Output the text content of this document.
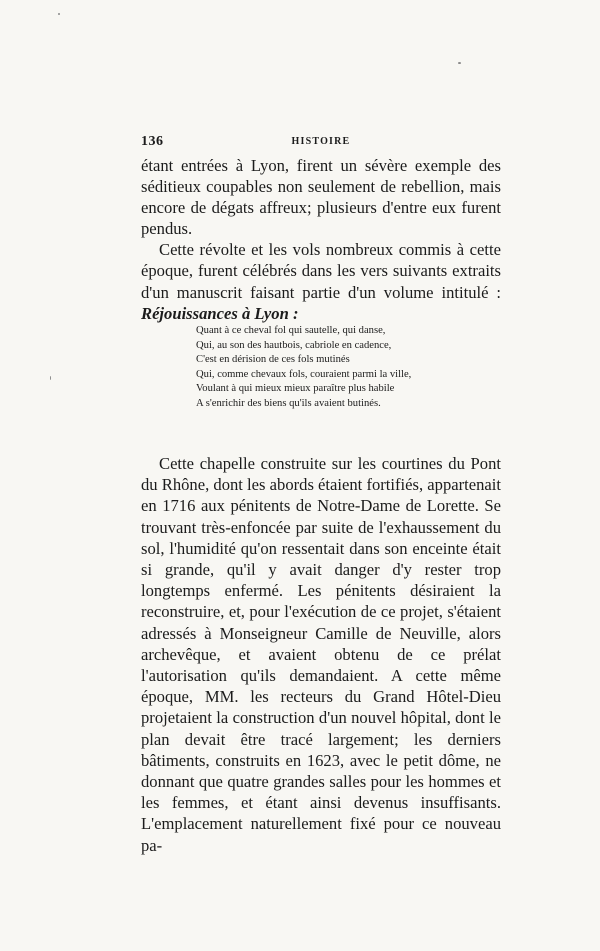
136	HISTOIRE

étant entrées à Lyon, firent un sévère exemple des séditieux coupables non seulement de rebellion, mais encore de dégats affreux; plusieurs d'entre eux furent pendus.

Cette révolte et les vols nombreux commis à cette époque, furent célébrés dans les vers suivants extraits d'un manuscrit faisant partie d'un volume intitulé : Réjouissances à Lyon :

Quant à ce cheval fol qui sautelle, qui danse,
Qui, au son des hautbois, cabriole en cadence,
C'est en dérision de ces fols mutinés
Qui, comme chevaux fols, couraient parmi la ville,
Voulant à qui mieux mieux paraître plus habile
A s'enrichir des biens qu'ils avaient butinés.

Cette chapelle construite sur les courtines du Pont du Rhône, dont les abords étaient fortifiés, appartenait en 1716 aux pénitents de Notre-Dame de Lorette. Se trouvant très-enfoncée par suite de l'exhaussement du sol, l'humidité qu'on ressentait dans son enceinte était si grande, qu'il y avait danger d'y rester trop longtemps enfermé. Les pénitents désiraient la reconstruire, et, pour l'exécution de ce projet, s'étaient adressés à Monseigneur Camille de Neuville, alors archevêque, et avaient obtenu de ce prélat l'autorisation qu'ils demandaient. A cette même époque, MM. les recteurs du Grand Hôtel-Dieu projetaient la construction d'un nouvel hôpital, dont le plan devait être tracé largement; les derniers bâtiments, construits en 1623, avec le petit dôme, ne donnant que quatre grandes salles pour les hommes et les femmes, et étant ainsi devenus insuffisants. L'emplacement naturellement fixé pour ce nouveau pa-
